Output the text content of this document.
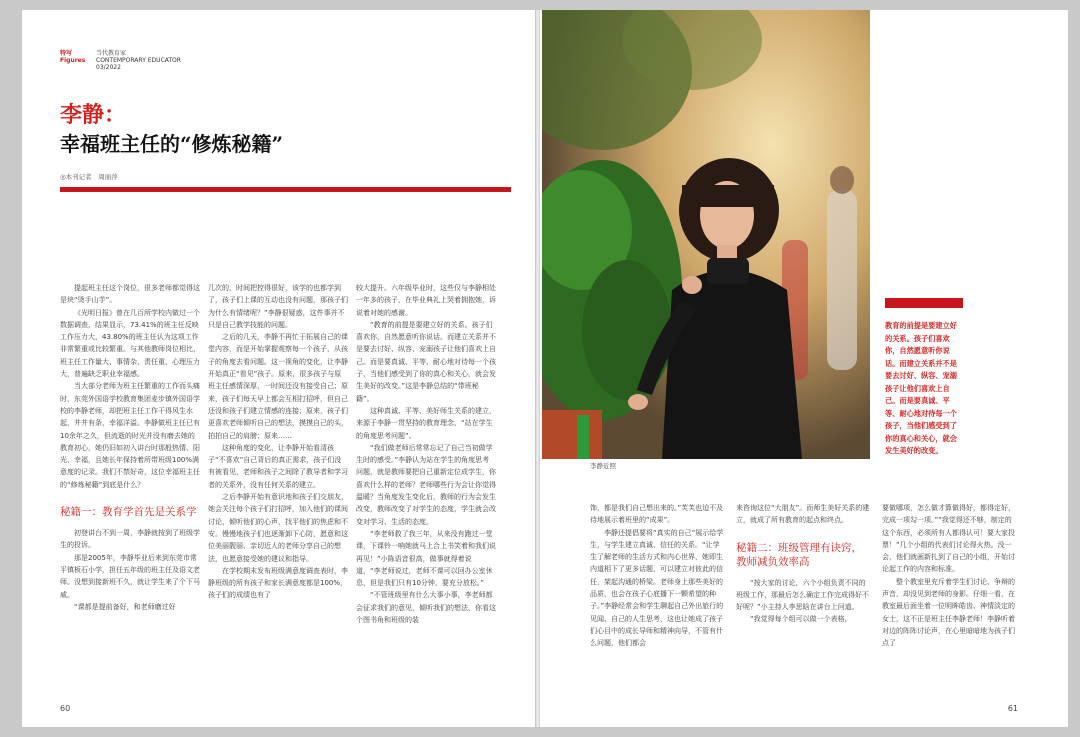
特写
Figures
当代教育家
CONTEMPORARY EDUCATOR
03/2022
李静：
幸福班主任的“修炼秘籍”
◎本刊记者　周丽萍

提起班主任这个岗位，很多老师都觉得这是块“烫手山芋”。

《光明日报》曾在几百所学校内做过一个数据调查，结果显示，73.41%的班主任反映工作压力大，43.80%的班主任认为这项工作非常繁重或比较繁重。与其他教师岗位相比，班主任工作量大、事情杂、责任重、心理压力大，普遍缺乏职业幸福感。

当大部分老师为班主任繁重的工作而头痛时，东莞外国语学校教育集团麦步镇外国语学校的李静老师，却把班主任工作干得风生水起，井井有条，幸福洋溢。李静做班主任已有10余年之久，但流逝的时光并没有磨去她的教育初心，她仍旧如初入讲台时那般热情、阳光、幸福，且她长年保持着所带班级100%满意度的记录。我们不禁好奇，这位幸福班主任的“修炼秘籍”到底是什么？

秘籍一：教育学首先是关系学

初登讲台不到一周，李静就按到了班级学生的投诉。

那是2005年，李静毕业后来到东莞市常平镇板石小学，担任五年级的班主任及语文老师。没想到接新班不久，就让学生来了个下马威。

“课都是提前备好，和老师磨过好

几次的，时间把控得很好，该学的也都学到了，孩子们上课的互动也没有问题，那孩子们为什么有情绪呢？”李静很疑惑，这件事并不只是自己教学技能的问题。

之后的几天，李静不再忙于拓展自己的课堂内容，而是开始掌握观察每一个孩子，从孩子的角度去看问题。这一视角的变化，让李静开始真正“看见”孩子。原来，很多孩子与原班主任感情深厚，一时间还没有接受自己；原来，孩子们每天早上都会互相打招呼，但自己还没和孩子们建立情感的连接；原来，孩子们更喜欢老师倾听自己的想法，摸摸自己的头，拍拍自己的肩膀；原来……

这种角度的变化，让李静开始看清孩子“不喜欢”自己背后的真正需求，孩子们没有被看见，老师和孩子之间除了教导者和学习者的关系外，没有任何关系的建立。

之后李静开始有意识地和孩子们交朋友，她会关注每个孩子们打招呼，加入他们的课间讨论，倾听他们的心声，找平他们的焦虑和不安。慢慢地孩子们也逐渐卸下心防，愿意和这位美丽靓丽、亲切近人的老师分享自己的想法，也愿意接受她的建议和指导。

在学校期末发布班级满意度调查表时，李静班级的所有孩子和家长满意度都是100%，孩子们的成绩也有了

较大提升。六年级毕业时，这些仅与李静相处一年多的孩子，在毕业典礼上哭着拥抱她，诉说着对她的感谢。

“教育的前提是要建立好的关系。孩子们喜欢你，自然愿意听你说话。而建立关系并不是要去讨好、纵容、宠溺孩子让他们喜欢上自己。而是要真诚、平等、耐心地对待每一个孩子，当他们感受到了你的真心和关心，就会发生美好的改变。”这是李静总结的“带班秘籍”。

这种真诚、平等、美好师生关系的建立，来源于李静一贯坚持的教育理念，“站在学生的角度思考问题”。

“我们做老师后常常忘记了自己当初做学生时的感受。”李静认为站在学生的角度思考问题，就是教师要把自己重新定位成学生，你喜欢什么样的老师？老师哪些行为会让你觉得温暖？当角度发生变化后，教师的行为会发生改变，教师改变了对学生的态度，学生就会改变对学习、生活的态度。

“李老师救了我三年，从来没有跑过一堂课，下课铃一响她就马上合上书笑着和我们说再见！”小陈语音很高，做事就得着说道，“李老师说过，老师不课可以回办公室休息，但是我们只有10分钟，要充分放松。”

“不管班级里有什么大事小事，李老师都会征求我们的意见，倾听我们的想法，你看这个图书角和班级的装

60
李静近照
教育的前提是要建立好的关系。孩子们喜欢你，自然愿意听你说话。而建立关系并不是要去讨好、纵容、宠溺孩子让他们喜欢上自己。而是要真诚、平等、耐心地对待每一个孩子，当他们感受到了你的真心和关心，就会发生美好的改变。

饰，都是我们自己想出来的。”芙芙也迫不及待地展示着班里的“成果”。

李静还提倡要将“真实的自己”展示给学生，与学生建立真诚、信任的关系。“让学生了解老师的生活方式和内心世界，她即生内道相下了更多话题，可以建立对彼此的信任，架起沟通的桥梁。老师身上那些美好的品质，也会在孩子心底播下一颗希望的种子。”李静经常会和学生聊起自己外出旅行的见闻、自己的人生思考，这也让她成了孩子们心目中的成长导师和精神向导，不管有什么问题，他们都会

来咨询这位“大朋友”。而师生美好关系的建立，就成了所有教育的起点和终点。

秘籍二：班级管理有诀窍，教师减负效率高

“按大家的讨论，六个小组负责不同的班级工作，那最后怎么确定工作完成得好不好呢？”小主持人李思晗在讲台上问道。

“我觉得每个组可以做一个表格，

要做哪项，怎么做才算做得好，都得定好，完成一项勾一项。”“我觉得还不够，制定的这个东西，必须所有人都得认可！要大家投票！”几个小组的代表们讨论得火热。没一会，他们就画新扎到了自己的小组，开始讨论起工作的内容和标准。

整个教室里充斥着学生们讨论、争辩的声音，却没见到老师的身影。仔细一看，在教室最后面坐着一位明眸皓齿、神情淡定的女士，这不正是班主任李静老师！李静听着对边的阵阵讨论声，在心里暗暗地为孩子们点了

61
